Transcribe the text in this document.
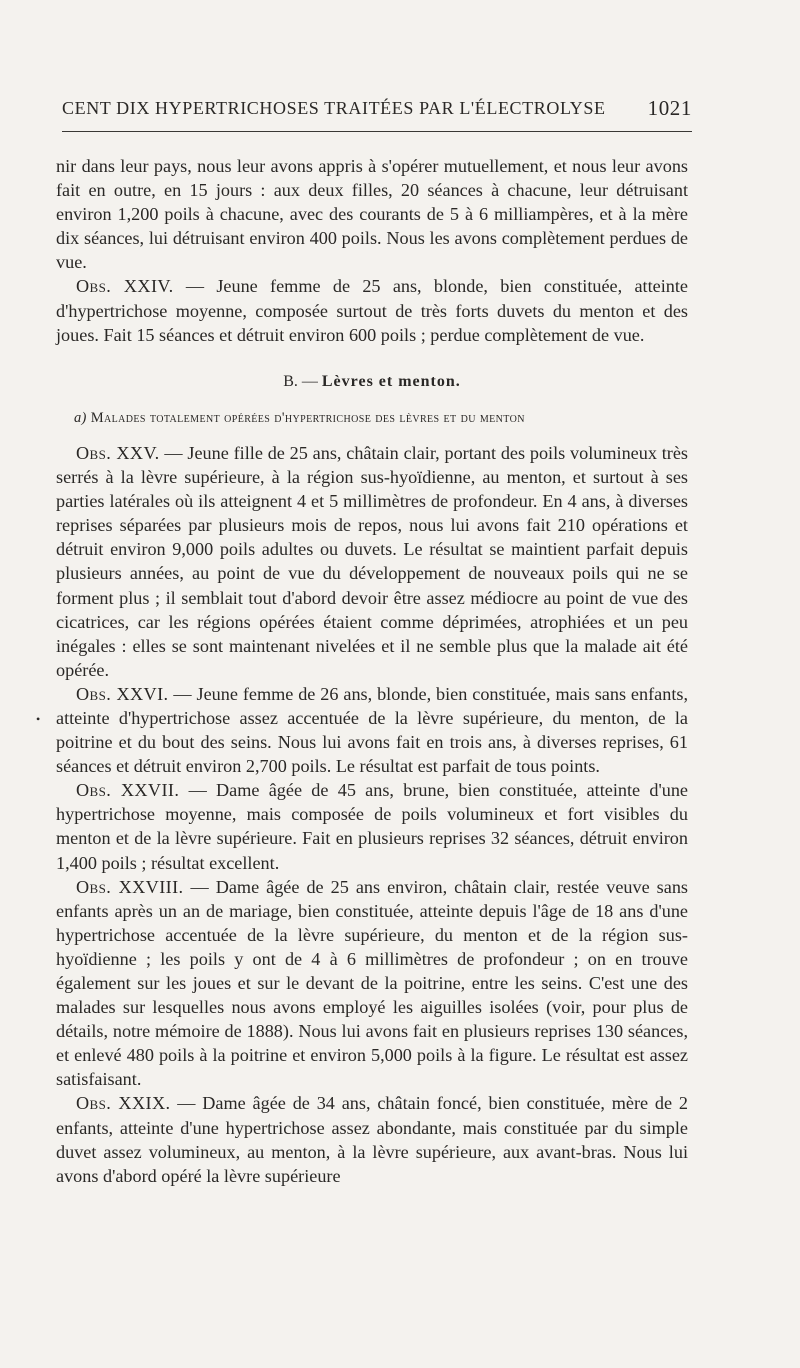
CENT DIX HYPERTRICHOSES TRAITÉES PAR L'ÉLECTROLYSE 1021
•

nir dans leur pays, nous leur avons appris à s'opérer mutuellement, et nous leur avons fait en outre, en 15 jours : aux deux filles, 20 séances à chacune, leur détruisant environ 1,200 poils à chacune, avec des courants de 5 à 6 milliampères, et à la mère dix séances, lui détruisant environ 400 poils. Nous les avons complètement perdues de vue.

Obs. XXIV. — Jeune femme de 25 ans, blonde, bien constituée, atteinte d'hypertrichose moyenne, composée surtout de très forts duvets du menton et des joues. Fait 15 séances et détruit environ 600 poils ; perdue complètement de vue.

B. — Lèvres et menton.

a) Malades totalement opérées d'hypertrichose des lèvres et du menton

Obs. XXV. — Jeune fille de 25 ans, châtain clair, portant des poils volumineux très serrés à la lèvre supérieure, à la région sus-hyoïdienne, au menton, et surtout à ses parties latérales où ils atteignent 4 et 5 millimètres de profondeur. En 4 ans, à diverses reprises séparées par plusieurs mois de repos, nous lui avons fait 210 opérations et détruit environ 9,000 poils adultes ou duvets. Le résultat se maintient parfait depuis plusieurs années, au point de vue du développement de nouveaux poils qui ne se forment plus ; il semblait tout d'abord devoir être assez médiocre au point de vue des cicatrices, car les régions opérées étaient comme déprimées, atrophiées et un peu inégales : elles se sont maintenant nivelées et il ne semble plus que la malade ait été opérée.

Obs. XXVI. — Jeune femme de 26 ans, blonde, bien constituée, mais sans enfants, atteinte d'hypertrichose assez accentuée de la lèvre supérieure, du menton, de la poitrine et du bout des seins. Nous lui avons fait en trois ans, à diverses reprises, 61 séances et détruit environ 2,700 poils. Le résultat est parfait de tous points.

Obs. XXVII. — Dame âgée de 45 ans, brune, bien constituée, atteinte d'une hypertrichose moyenne, mais composée de poils volumineux et fort visibles du menton et de la lèvre supérieure. Fait en plusieurs reprises 32 séances, détruit environ 1,400 poils ; résultat excellent.

Obs. XXVIII. — Dame âgée de 25 ans environ, châtain clair, restée veuve sans enfants après un an de mariage, bien constituée, atteinte depuis l'âge de 18 ans d'une hypertrichose accentuée de la lèvre supérieure, du menton et de la région sus-hyoïdienne ; les poils y ont de 4 à 6 millimètres de profondeur ; on en trouve également sur les joues et sur le devant de la poitrine, entre les seins. C'est une des malades sur lesquelles nous avons employé les aiguilles isolées (voir, pour plus de détails, notre mémoire de 1888). Nous lui avons fait en plusieurs reprises 130 séances, et enlevé 480 poils à la poitrine et environ 5,000 poils à la figure. Le résultat est assez satisfaisant.

Obs. XXIX. — Dame âgée de 34 ans, châtain foncé, bien constituée, mère de 2 enfants, atteinte d'une hypertrichose assez abondante, mais constituée par du simple duvet assez volumineux, au menton, à la lèvre supérieure, aux avant-bras. Nous lui avons d'abord opéré la lèvre supérieure
